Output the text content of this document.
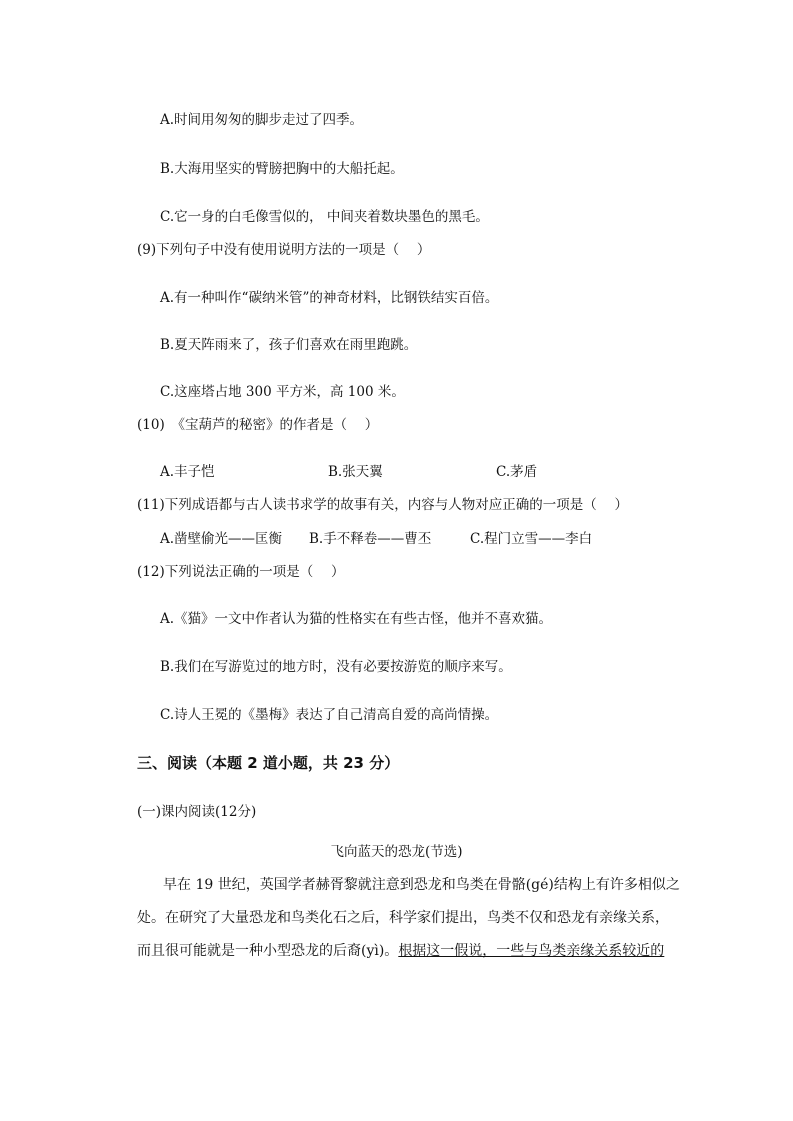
A.时间用匆匆的脚步走过了四季。
B.大海用坚实的臂膀把胸中的大船托起。
C.它一身的白毛像雪似的， 中间夹着数块墨色的黑毛。
(9)下列句子中没有使用说明方法的一项是（　 ）
A.有一种叫作“碳纳米管”的神奇材料，比钢铁结实百倍。
B.夏天阵雨来了，孩子们喜欢在雨里跑跳。
C.这座塔占地 300 平方米，高 100 米。
(10)　《宝葫芦的秘密》的作者是（　 ）
A.丰子恺	B.张天翼	C.茅盾
(11)下列成语都与古人读书求学的故事有关，内容与人物对应正确的一项是（　 ）
A.凿壁偷光——匡衡 B.手不释卷——曹丕	C.程门立雪——李白
(12)下列说法正确的一项是（　 ）
A.《猫》一文中作者认为猫的性格实在有些古怪，他并不喜欢猫。
B.我们在写游览过的地方时，没有必要按游览的顺序来写。
C.诗人王冕的《墨梅》表达了自己清高自爱的高尚情操。
三、阅读（本题 2 道小题，共 23 分）
(一)课内阅读(12分)
飞向蓝天的恐龙(节选)
早在 19 世纪，英国学者赫胥黎就注意到恐龙和鸟类在骨骼(gé)结构上有许多相似之
处。在研究了大量恐龙和鸟类化石之后，科学家们提出，鸟类不仅和恐龙有亲缘关系，
而且很可能就是一种小型恐龙的后裔(yì)。根据这一假说，一些与鸟类亲缘关系较近的
